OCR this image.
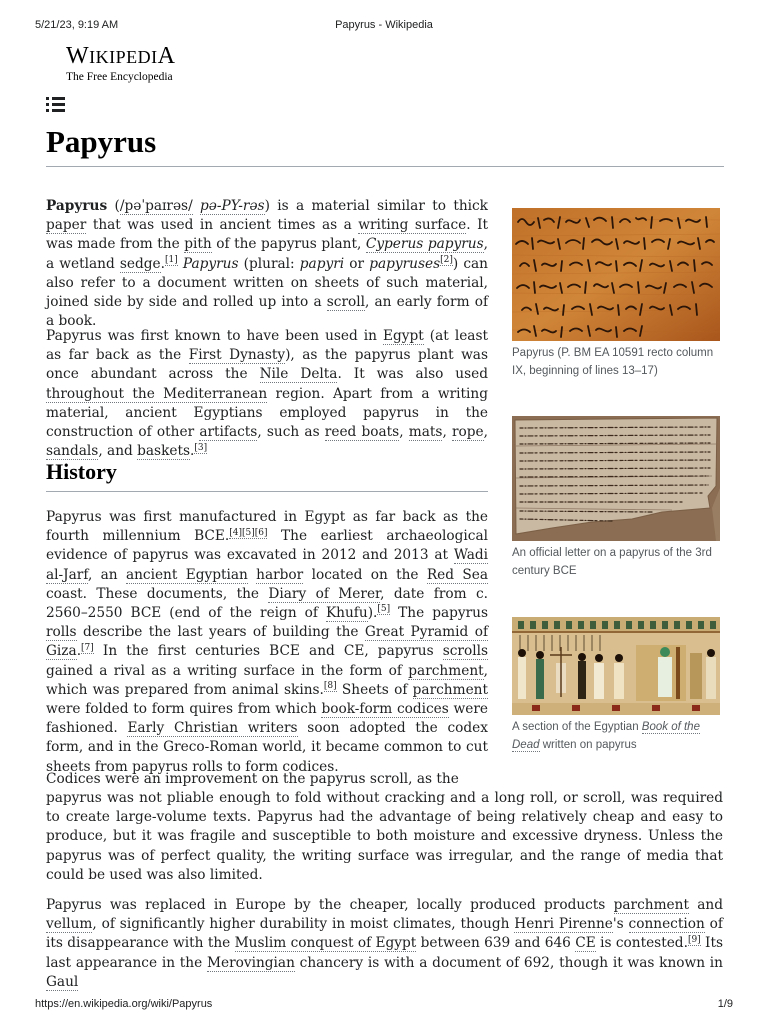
5/21/23, 9:19 AM	Papyrus - Wikipedia
WIKIPEDIA
The Free Encyclopedia
Papyrus

Papyrus (/pəˈpaɪrəs/ pə-PY-rəs) is a material similar to thick paper that was used in ancient times as a writing surface. It was made from the pith of the papyrus plant, Cyperus papyrus, a wetland sedge.[1] Papyrus (plural: papyri or papyruses[2]) can also refer to a document written on sheets of such material, joined side by side and rolled up into a scroll, an early form of a book.

Papyrus was first known to have been used in Egypt (at least as far back as the First Dynasty), as the papyrus plant was once abundant across the Nile Delta. It was also used throughout the Mediterranean region. Apart from a writing material, ancient Egyptians employed papyrus in the construction of other artifacts, such as reed boats, mats, rope, sandals, and baskets.[3]

History

Papyrus was first manufactured in Egypt as far back as the fourth millennium BCE.[4][5][6] The earliest archaeological evidence of papyrus was excavated in 2012 and 2013 at Wadi al-Jarf, an ancient Egyptian harbor located on the Red Sea coast. These documents, the Diary of Merer, date from c. 2560–2550 BCE (end of the reign of Khufu).[5] The papyrus rolls describe the last years of building the Great Pyramid of Giza.[7] In the first centuries BCE and CE, papyrus scrolls gained a rival as a writing surface in the form of parchment, which was prepared from animal skins.[8] Sheets of parchment were folded to form quires from which book-form codices were fashioned. Early Christian writers soon adopted the codex form, and in the Greco-Roman world, it became common to cut sheets from papyrus rolls to form codices.

Codices were an improvement on the papyrus scroll, as the

papyrus was not pliable enough to fold without cracking and a long roll, or scroll, was required to create large-volume texts. Papyrus had the advantage of being relatively cheap and easy to produce, but it was fragile and susceptible to both moisture and excessive dryness. Unless the papyrus was of perfect quality, the writing surface was irregular, and the range of media that could be used was also limited.

Papyrus was replaced in Europe by the cheaper, locally produced products parchment and vellum, of significantly higher durability in moist climates, though Henri Pirenne's connection of its disappearance with the Muslim conquest of Egypt between 639 and 646 CE is contested.[9] Its last appearance in the Merovingian chancery is with a document of 692, though it was known in Gaul

Papyrus (P. BM EA 10591 recto column IX, beginning of lines 13–17)
An official letter on a papyrus of the 3rd century BCE
A section of the Egyptian Book of the Dead written on papyrus
https://en.wikipedia.org/wiki/Papyrus	1/9
